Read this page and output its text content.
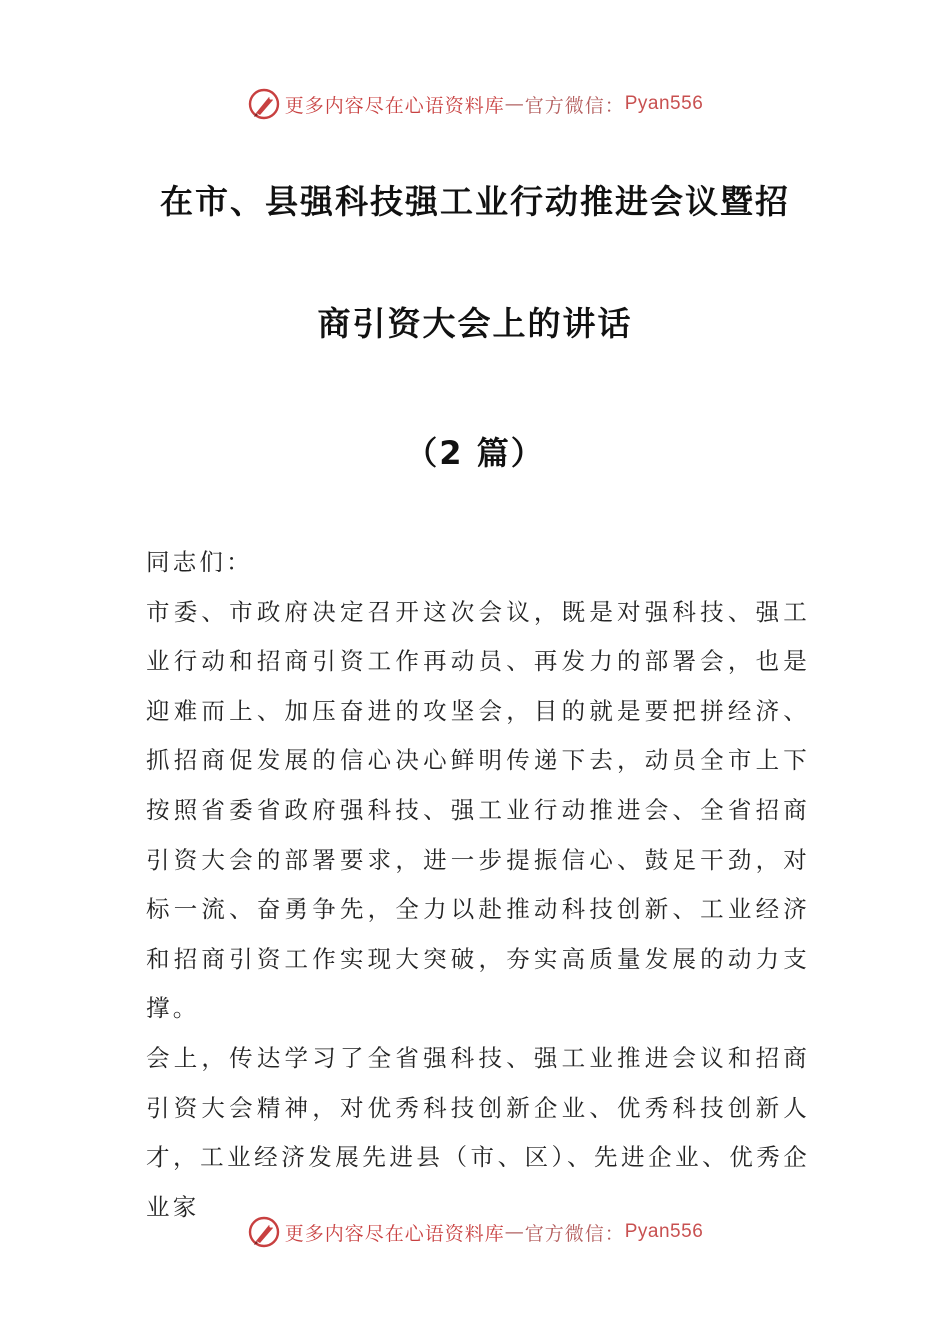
更多内容尽在心语资料库 — 官方微信： Pyan556
在市、县强科技强工业行动推进会议暨招
商引资大会上的讲话
（2 篇）

同志们：

市委、市政府决定召开这次会议，既是对强科技、强工业行动和招商引资工作再动员、再发力的部署会，也是迎难而上、加压奋进的攻坚会，目的就是要把拼经济、抓招商促发展的信心决心鲜明传递下去，动员全市上下按照省委省政府强科技、强工业行动推进会、全省招商引资大会的部署要求，进一步提振信心、鼓足干劲，对标一流、奋勇争先，全力以赴推动科技创新、工业经济和招商引资工作实现大突破，夯实高质量发展的动力支撑。

会上，传达学习了全省强科技、强工业推进会议和招商引资大会精神，对优秀科技创新企业、优秀科技创新人才，工业经济发展先进县（市、区）、先进企业、优秀企业家

更多内容尽在心语资料库 — 官方微信： Pyan556
